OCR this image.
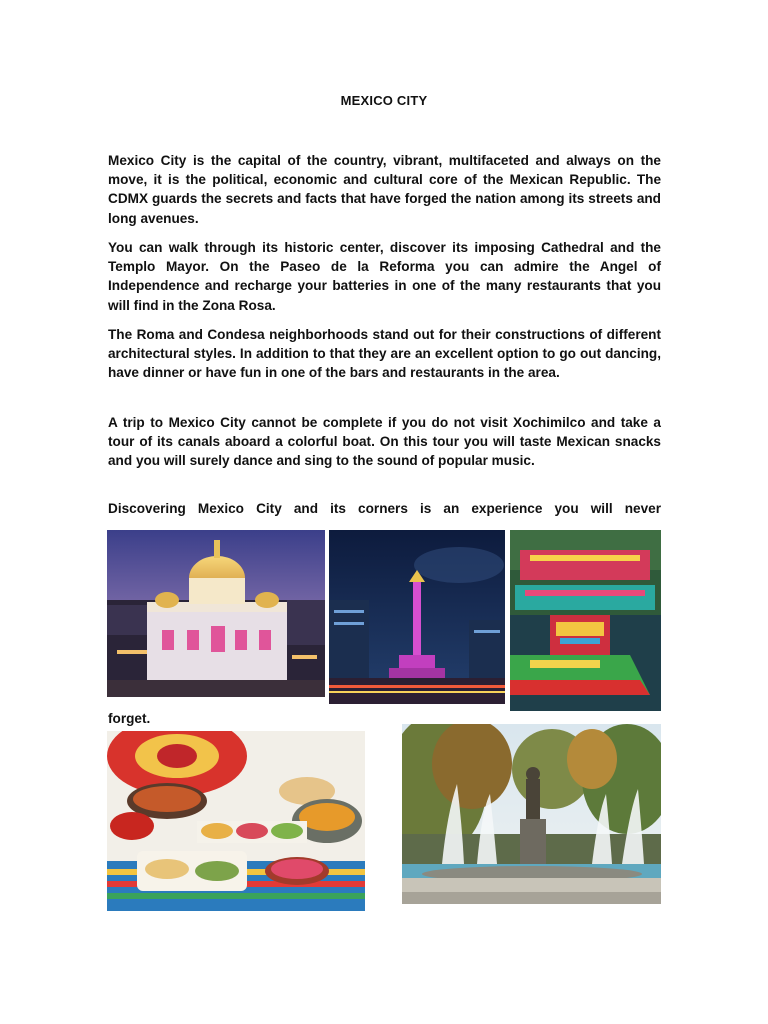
MEXICO CITY

Mexico City is the capital of the country, vibrant, multifaceted and always on the move, it is the political, economic and cultural core of the Mexican Republic. The CDMX guards the secrets and facts that have forged the nation among its streets and long avenues.

You can walk through its historic center, discover its imposing Cathedral and the Templo Mayor. On the Paseo de la Reforma you can admire the Angel of Independence and recharge your batteries in one of the many restaurants that you will find in the Zona Rosa.

The Roma and Condesa neighborhoods stand out for their constructions of different architectural styles. In addition to that they are an excellent option to go out dancing, have dinner or have fun in one of the bars and restaurants in the area.

A trip to Mexico City cannot be complete if you do not visit Xochimilco and take a tour of its canals aboard a colorful boat. On this tour you will taste Mexican snacks and you will surely dance and sing to the sound of popular music.

Discovering Mexico City and its corners is an experience you will never

forget.
